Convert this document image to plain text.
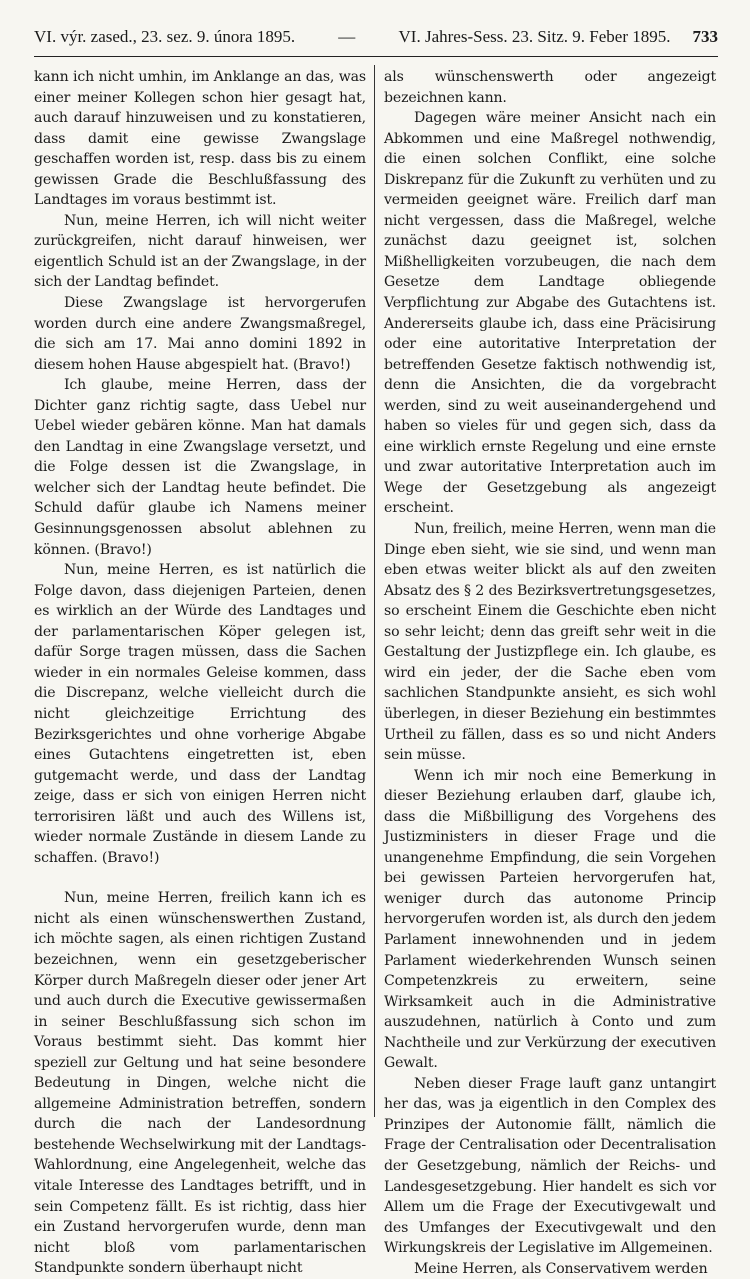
VI. výr. zased., 23. sez. 9. února 1895.	—	VI. Jahres-Sess. 23. Sitz. 9. Feber 1895. 733

kann ich nicht umhin, im Anklange an das, was einer meiner Kollegen schon hier gesagt hat, auch darauf hinzuweisen und zu konstatieren, dass damit eine gewisse Zwangslage geschaffen worden ist, resp. dass bis zu einem gewissen Grade die Beschlußfassung des Landtages im voraus bestimmt ist.

Nun, meine Herren, ich will nicht weiter zurückgreifen, nicht darauf hinweisen, wer eigentlich Schuld ist an der Zwangslage, in der sich der Landtag befindet.

Diese Zwangslage ist hervorgerufen worden durch eine andere Zwangsmaßregel, die sich am 17. Mai anno domini 1892 in diesem hohen Hause abgespielt hat. (Bravo!)

Ich glaube, meine Herren, dass der Dichter ganz richtig sagte, dass Uebel nur Uebel wieder gebären könne. Man hat damals den Landtag in eine Zwangslage versetzt, und die Folge dessen ist die Zwangslage, in welcher sich der Landtag heute befindet. Die Schuld dafür glaube ich Namens meiner Gesinnungsgenossen absolut ablehnen zu können. (Bravo!)

Nun, meine Herren, es ist natürlich die Folge davon, dass diejenigen Parteien, denen es wirklich an der Würde des Landtages und der parlamentarischen Köper gelegen ist, dafür Sorge tragen müssen, dass die Sachen wieder in ein normales Geleise kommen, dass die Discrepanz, welche vielleicht durch die nicht gleichzeitige Errichtung des Bezirksgerichtes und ohne vorherige Abgabe eines Gutachtens eingetretten ist, eben gutgemacht werde, und dass der Landtag zeige, dass er sich von einigen Herren nicht terrorisiren läßt und auch des Willens ist, wieder normale Zustände in diesem Lande zu schaffen. (Bravo!)

Nun, meine Herren, freilich kann ich es nicht als einen wünschenswerthen Zustand, ich möchte sagen, als einen richtigen Zustand bezeichnen, wenn ein gesetzgeberischer Körper durch Maßregeln dieser oder jener Art und auch durch die Executive gewissermaßen in seiner Beschlußfassung sich schon im Voraus bestimmt sieht. Das kommt hier speziell zur Geltung und hat seine besondere Bedeutung in Dingen, welche nicht die allgemeine Administration betreffen, sondern durch die nach der Landesordnung bestehende Wechselwirkung mit der Landtags-Wahlordnung, eine Angelegenheit, welche das vitale Interesse des Landtages betrifft, und in sein Competenz fällt. Es ist richtig, dass hier ein Zustand hervorgerufen wurde, denn man nicht bloß vom parlamentarischen Standpunkte sondern überhaupt nicht

als wünschenswerth oder angezeigt bezeichnen kann.

Dagegen wäre meiner Ansicht nach ein Abkommen und eine Maßregel nothwendig, die einen solchen Conflikt, eine solche Diskrepanz für die Zukunft zu verhüten und zu vermeiden geeignet wäre. Freilich darf man nicht vergessen, dass die Maßregel, welche zunächst dazu geeignet ist, solchen Mißhelligkeiten vorzubeugen, die nach dem Gesetze dem Landtage obliegende Verpflichtung zur Abgabe des Gutachtens ist. Andererseits glaube ich, dass eine Präcisirung oder eine autoritative Interpretation der betreffenden Gesetze faktisch nothwendig ist, denn die Ansichten, die da vorgebracht werden, sind zu weit auseinandergehend und haben so vieles für und gegen sich, dass da eine wirklich ernste Regelung und eine ernste und zwar autoritative Interpretation auch im Wege der Gesetzgebung als angezeigt erscheint.

Nun, freilich, meine Herren, wenn man die Dinge eben sieht, wie sie sind, und wenn man eben etwas weiter blickt als auf den zweiten Absatz des § 2 des Bezirksvertretungsgesetzes, so erscheint Einem die Geschichte eben nicht so sehr leicht; denn das greift sehr weit in die Gestaltung der Justizpflege ein. Ich glaube, es wird ein jeder, der die Sache eben vom sachlichen Standpunkte ansieht, es sich wohl überlegen, in dieser Beziehung ein bestimmtes Urtheil zu fällen, dass es so und nicht Anders sein müsse.

Wenn ich mir noch eine Bemerkung in dieser Beziehung erlauben darf, glaube ich, dass die Mißbilligung des Vorgehens des Justizministers in dieser Frage und die unangenehme Empfindung, die sein Vorgehen bei gewissen Parteien hervorgerufen hat, weniger durch das autonome Princip hervorgerufen worden ist, als durch den jedem Parlament innewohnenden und in jedem Parlament wiederkehrenden Wunsch seinen Competenzkreis zu erweitern, seine Wirksamkeit auch in die Administrative auszudehnen, natürlich à Conto und zum Nachtheile und zur Verkürzung der executiven Gewalt.

Neben dieser Frage lauft ganz untangirt her das, was ja eigentlich in den Complex des Prinzipes der Autonomie fällt, nämlich die Frage der Centralisation oder Decentralisation der Gesetzgebung, nämlich der Reichs- und Landesgesetzgebung. Hier handelt es sich vor Allem um die Frage der Executivgewalt und des Umfanges der Executivgewalt und den Wirkungskreis der Legislative im Allgemeinen.

Meine Herren, als Conservativem werden
